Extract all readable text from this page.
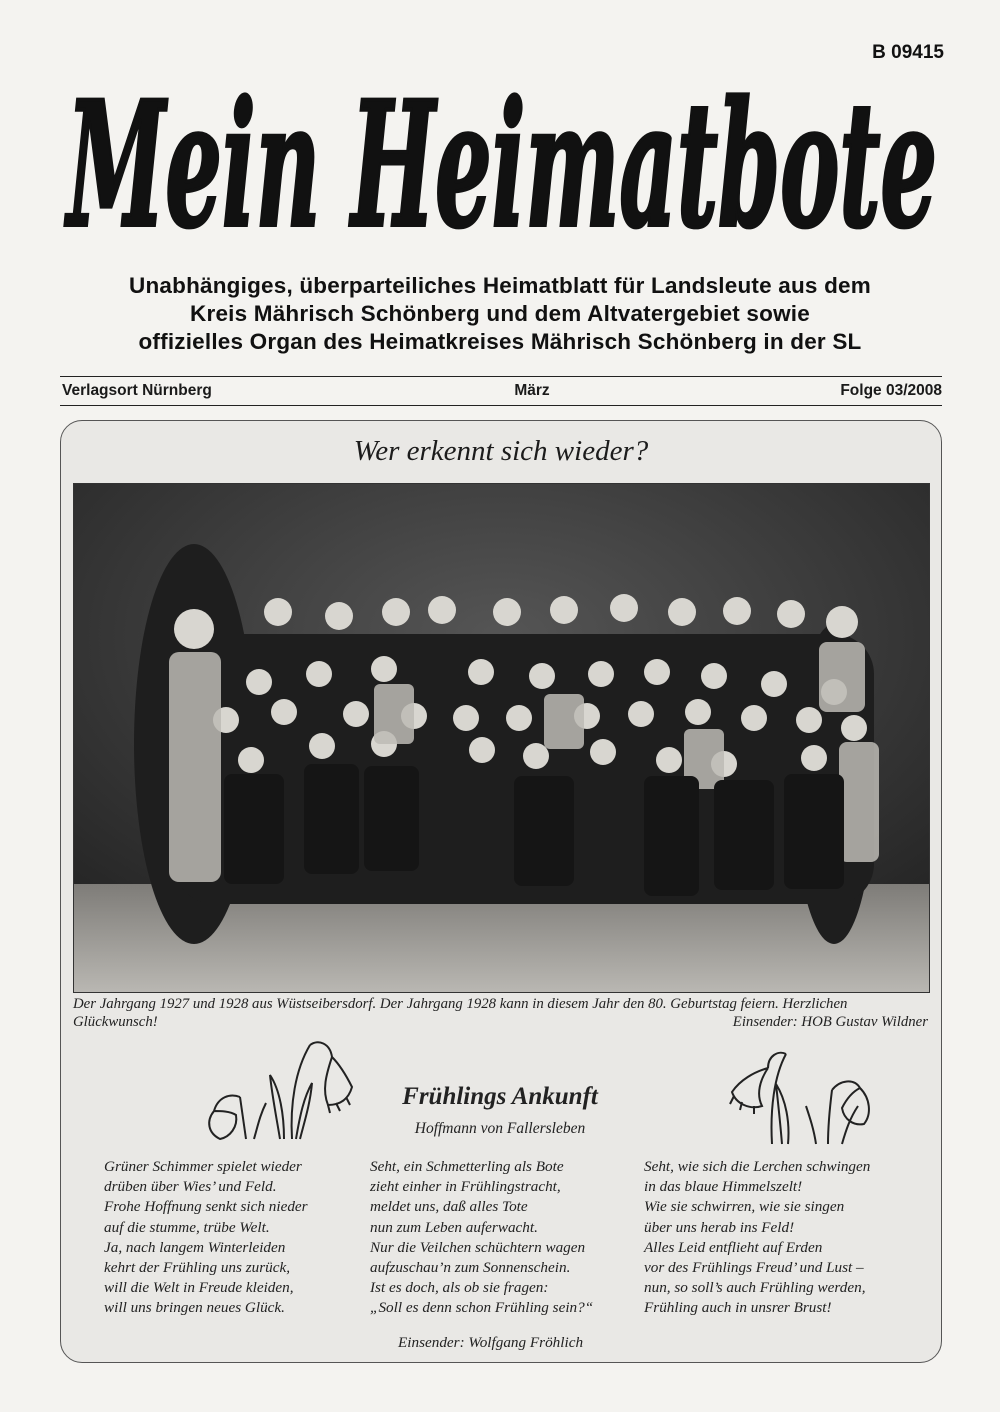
B 09415
Mein Heimatbote
Unabhängiges, überparteiliches Heimatblatt für Landsleute aus dem
Kreis Mährisch Schönberg und dem Altvatergebiet sowie
offizielles Organ des Heimatkreises Mährisch Schönberg in der SL
Verlagsort Nürnberg	März	Folge 03/2008
Wer erkennt sich wieder?
Der Jahrgang 1927 und 1928 aus Wüstseibersdorf. Der Jahrgang 1928 kann in diesem Jahr den 80. Geburtstag feiern. Herzlichen Glückwunsch!	Einsender: HOB Gustav Wildner
Frühlings Ankunft
Hoffmann von Fallersleben
Grüner Schimmer spielet wieder
drüben über Wies’ und Feld.
Frohe Hoffnung senkt sich nieder
auf die stumme, trübe Welt.
Ja, nach langem Winterleiden
kehrt der Frühling uns zurück,
will die Welt in Freude kleiden,
will uns bringen neues Glück.
Seht, ein Schmetterling als Bote
zieht einher in Frühlingstracht,
meldet uns, daß alles Tote
nun zum Leben auferwacht.
Nur die Veilchen schüchtern wagen
aufzuschau’n zum Sonnenschein.
Ist es doch, als ob sie fragen:
„Soll es denn schon Frühling sein?“
Seht, wie sich die Lerchen schwingen
in das blaue Himmelszelt!
Wie sie schwirren, wie sie singen
über uns herab ins Feld!
Alles Leid entflieht auf Erden
vor des Frühlings Freud’ und Lust –
nun, so soll’s auch Frühling werden,
Frühling auch in unsrer Brust!
Einsender: Wolfgang Fröhlich
